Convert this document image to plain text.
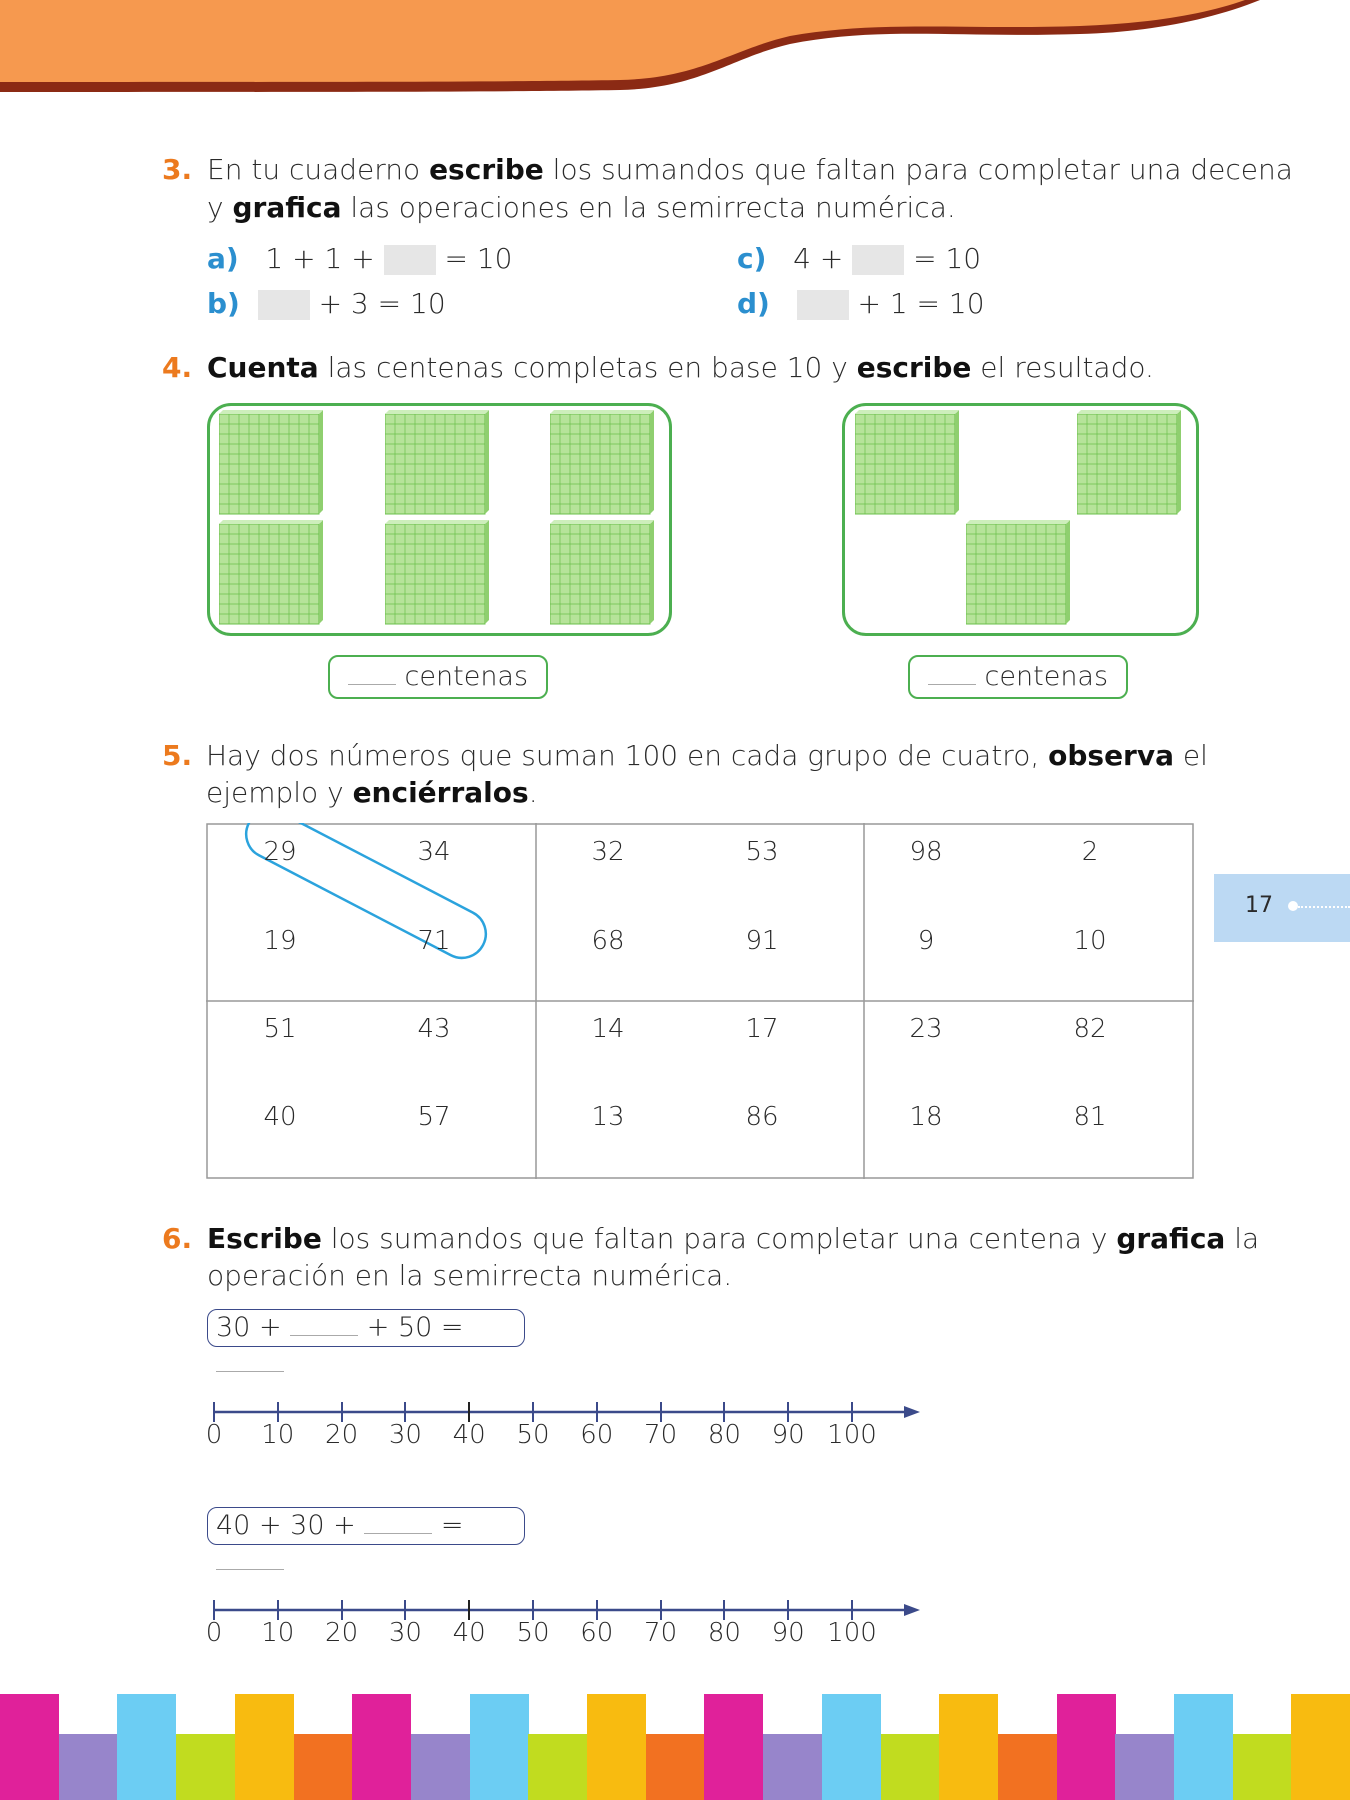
3. En tu cuaderno escribe los sumandos que faltan para completar una decena
y grafica las operaciones en la semirrecta numérica.
a) 1 + 1 + = 10
b)	+ 3 = 10
c) 4 + = 10
d)	+ 1 = 10
4. Cuenta las centenas completas en base 10 y escribe el resultado.
centenas	centenas
5. Hay dos números que suman 100 en cada grupo de cuatro, observa el
ejemplo y enciérralos.
29	34
19	71
32	53
68	91
98	2
9	10
51	43
40	57
14	17
13	86
23	82
18	81
6. Escribe los sumandos que faltan para completar una centena y grafica la
operación en la semirrecta numérica.
30 +	+ 50 =
40 + 30 +	=
0	10	20	30	40	50	60	70	80	90 100
0	10	20	30	40	50	60	70	80	90 100
17
